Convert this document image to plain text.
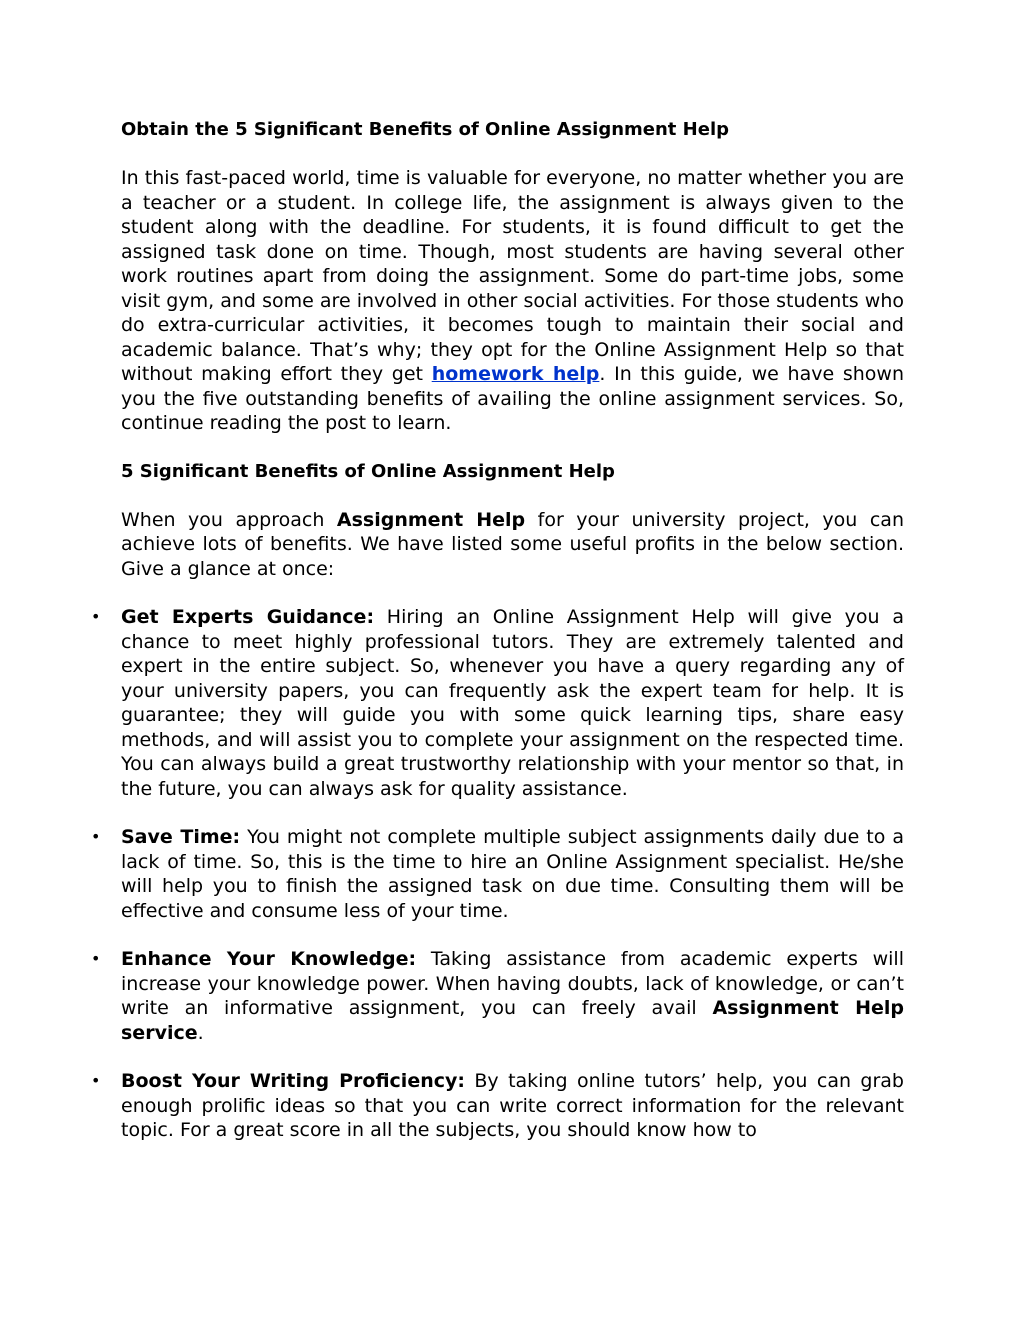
Obtain the 5 Significant Benefits of Online Assignment Help

In this fast-paced world, time is valuable for everyone, no matter whether you are a teacher or a student. In college life, the assignment is always given to the student along with the deadline. For students, it is found difficult to get the assigned task done on time. Though, most students are having several other work routines apart from doing the assignment. Some do part-time jobs, some visit gym, and some are involved in other social activities. For those students who do extra-curricular activities, it becomes tough to maintain their social and academic balance. That’s why; they opt for the Online Assignment Help so that without making effort they get homework help. In this guide, we have shown you the five outstanding benefits of availing the online assignment services. So, continue reading the post to learn.

5 Significant Benefits of Online Assignment Help

When you approach Assignment Help for your university project, you can achieve lots of benefits. We have listed some useful profits in the below section. Give a glance at once:

• Get Experts Guidance: Hiring an Online Assignment Help will give you a chance to meet highly professional tutors. They are extremely talented and expert in the entire subject. So, whenever you have a query regarding any of your university papers, you can frequently ask the expert team for help. It is guarantee; they will guide you with some quick learning tips, share easy methods, and will assist you to complete your assignment on the respected time. You can always build a great trustworthy relationship with your mentor so that, in the future, you can always ask for quality assistance.
• Save Time: You might not complete multiple subject assignments daily due to a lack of time. So, this is the time to hire an Online Assignment specialist. He/she will help you to finish the assigned task on due time. Consulting them will be effective and consume less of your time.
• Enhance Your Knowledge: Taking assistance from academic experts will increase your knowledge power. When having doubts, lack of knowledge, or can’t write an informative assignment, you can freely avail Assignment Help service.
• Boost Your Writing Proficiency: By taking online tutors’ help, you can grab enough prolific ideas so that you can write correct information for the relevant topic. For a great score in all the subjects, you should know how to
